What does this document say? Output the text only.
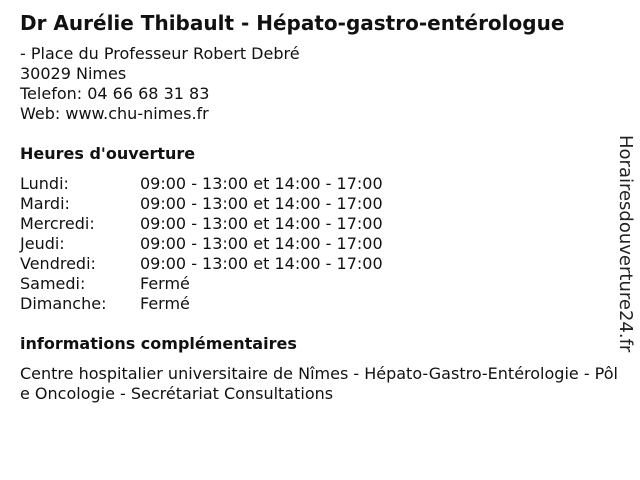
Dr Aurélie Thibault - Hépato-gastro-entérologue
- Place du Professeur Robert Debré
30029 Nimes
Telefon: 04 66 68 31 83
Web: www.chu-nimes.fr
Heures d'ouverture
Lundi:	09:00 - 13:00 et 14:00 - 17:00
Mardi:	09:00 - 13:00 et 14:00 - 17:00
Mercredi:	09:00 - 13:00 et 14:00 - 17:00
Jeudi:	09:00 - 13:00 et 14:00 - 17:00
Vendredi:	09:00 - 13:00 et 14:00 - 17:00
Samedi:	Fermé
Dimanche:	Fermé
informations complémentaires
Centre hospitalier universitaire de Nîmes - Hépato-Gastro-Entérologie - Pôle Oncologie - Secrétariat Consultations
Horairesdouverture24.fr
